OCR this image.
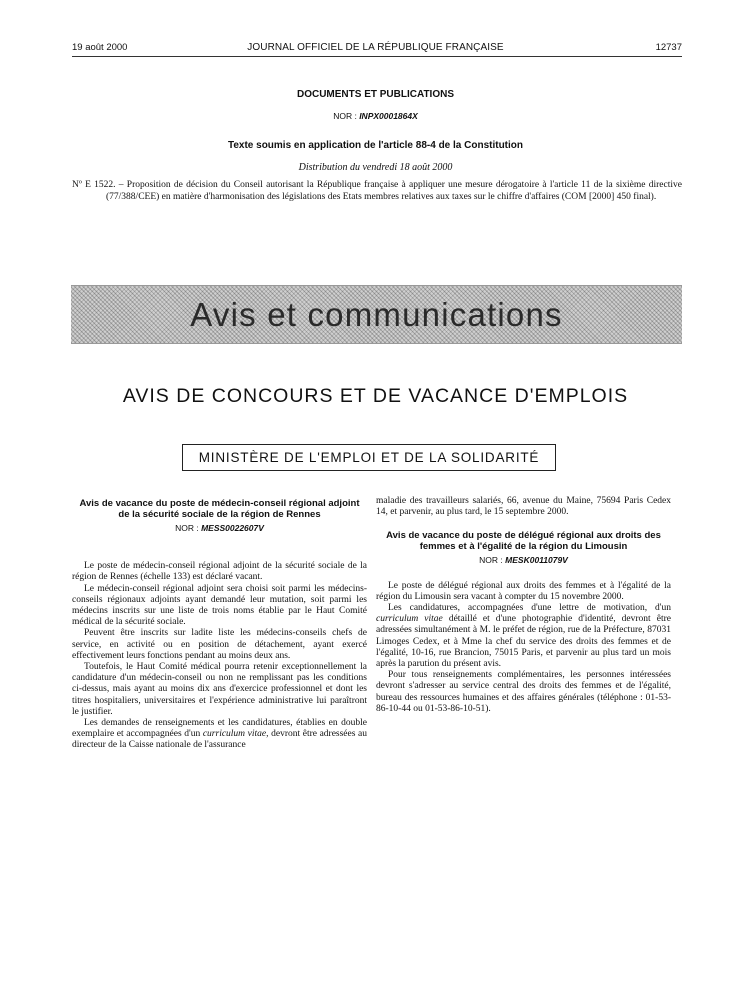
19 août 2000	JOURNAL OFFICIEL DE LA RÉPUBLIQUE FRANÇAISE	12737
DOCUMENTS ET PUBLICATIONS
NOR : INPX0001864X
Texte soumis en application de l'article 88-4 de la Constitution
Distribution du vendredi 18 août 2000
Nº E 1522. – Proposition de décision du Conseil autorisant la République française à appliquer une mesure dérogatoire à l'article 11 de la sixième directive (77/388/CEE) en matière d'harmonisation des législations des Etats membres relatives aux taxes sur le chiffre d'affaires (COM [2000] 450 final).
Avis et communications
AVIS DE CONCOURS ET DE VACANCE D'EMPLOIS
MINISTÈRE DE L'EMPLOI ET DE LA SOLIDARITÉ
Avis de vacance du poste de médecin-conseil régional adjoint de la sécurité sociale de la région de Rennes
NOR : MESS0022607V

Le poste de médecin-conseil régional adjoint de la sécurité sociale de la région de Rennes (échelle 133) est déclaré vacant.

Le médecin-conseil régional adjoint sera choisi soit parmi les médecins-conseils régionaux adjoints ayant demandé leur mutation, soit parmi les médecins inscrits sur une liste de trois noms établie par le Haut Comité médical de la sécurité sociale.

Peuvent être inscrits sur ladite liste les médecins-conseils chefs de service, en activité ou en position de détachement, ayant exercé effectivement leurs fonctions pendant au moins deux ans.

Toutefois, le Haut Comité médical pourra retenir exceptionnellement la candidature d'un médecin-conseil ou non ne remplissant pas les conditions ci-dessus, mais ayant au moins dix ans d'exercice professionnel et dont les titres hospitaliers, universitaires et l'expérience administrative lui paraîtront le justifier.

Les demandes de renseignements et les candidatures, établies en double exemplaire et accompagnées d'un curriculum vitae, devront être adressées au directeur de la Caisse nationale de l'assurance

maladie des travailleurs salariés, 66, avenue du Maine, 75694 Paris Cedex 14, et parvenir, au plus tard, le 15 septembre 2000.

Avis de vacance du poste de délégué régional aux droits des femmes et à l'égalité de la région du Limousin
NOR : MESK0011079V

Le poste de délégué régional aux droits des femmes et à l'égalité de la région du Limousin sera vacant à compter du 15 novembre 2000.

Les candidatures, accompagnées d'une lettre de motivation, d'un curriculum vitae détaillé et d'une photographie d'identité, devront être adressées simultanément à M. le préfet de région, rue de la Préfecture, 87031 Limoges Cedex, et à Mme la chef du service des droits des femmes et de l'égalité, 10-16, rue Brancion, 75015 Paris, et parvenir au plus tard un mois après la parution du présent avis.

Pour tous renseignements complémentaires, les personnes intéressées devront s'adresser au service central des droits des femmes et de l'égalité, bureau des ressources humaines et des affaires générales (téléphone : 01-53-86-10-44 ou 01-53-86-10-51).
